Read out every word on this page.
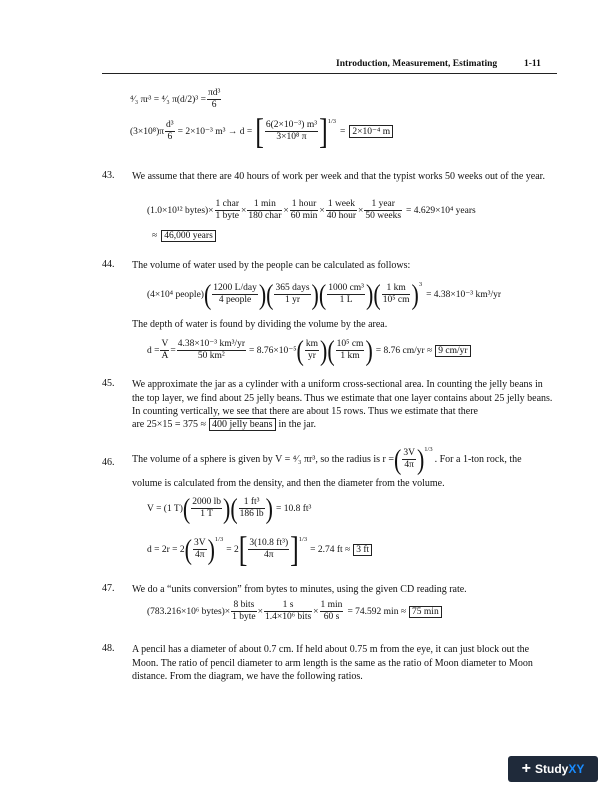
Introduction, Measurement, Estimating	1-11
⁴⁄₃ πr³ = ⁴⁄₃ $\pi(d/2)^3 = \frac{\text{πd³}}{6}$
$(3\times 10^8)\pi \frac{\text{d³}}{6} = 2\times 10^{-3}$ m³ → d = [ $\frac{\text{6(2×10⁻³) m³}}{\text{3×10⁸ π}} ]^{1/3}$
= 2×10⁻⁴ m
43. We assume that there are 40 hours of work per week and that the typist works 50 weeks out of the year.
(1.0×10¹² bytes)× $\frac{\text{1 char}}{\text{1 byte}} \times \frac{1 \min}{\text{180 char}} \times \frac{\text{1 hour}}{60 \min} \times \frac{\text{1 week}}{\text{40 hour}} \times \frac{\text{1 year}}{\text{50 weeks}} = 4.629\times 10^4$ years
≈ 46,000 years
44. The volume of water used by the people can be calculated as follows:
(4×10⁴ people) ( $\frac{\text{1200 L/day}}{\text{4 people}}$ ) ( $\frac{\text{365 days}}{1 yr}$ ) ( $\frac{\text{1000 cm³}}{1 L}$ ) ( $\frac{1 km}{\text{10⁵ cm}} )^3$
= 4.38×10⁻³ km³/yr
The depth of water is found by dividing the volume by the area.
$d = \frac{V}{A} = \frac{\text{4.38×10⁻³ km³/yr}}{\text{50 km²}} = 8.76\times 10^{-5}$ ( $\frac{km}{yr}$ ) ( $\frac{\text{10⁵ cm}}{1 km}$ ) = 8.76 cm/yr ≈ 9 cm/yr
45. We approximate the jar as a cylinder with a uniform cross-sectional area. In counting the jelly beans in the top layer, we find about 25 jelly beans. Thus we estimate that one layer contains about 25 jelly beans. In counting vertically, we see that there are about 15 rows. Thus we estimate that there
are 25×15 = 375 ≈ 400 jelly beans in the jar.
46. The volume of a sphere is given by V = ⁴⁄₃ πr³, so the radius is r = ( $\frac{3V}{4\pi} )^{1/3}$
. For a 1-ton rock, the
volume is calculated from the density, and then the diameter from the volume.
V = (1 T) ( $\frac{2000 lb}{1 T}$ ) ( $\frac{\text{1 ft³}}{186 lb}$ ) = 10.8 ft³
d = 2r = 2 ( $\frac{3V}{4\pi} )^{1/3}$
= 2 [ $\frac{\text{3(10.8 ft³)}}{4\pi} ]^{1/3}$
= 2.74 ft ≈ 3 ft
47. We do a “units conversion” from bytes to minutes, using the given CD reading rate.
(783.216×10⁶ bytes)× $\frac{\text{8 bits}}{\text{1 byte}} \times \frac{1 s}{\text{1.4×10⁶ bits}} \times \frac{1 \min}{60 s} = 74.592$ min ≈ 75 min
48. A pencil has a diameter of about 0.7 cm. If held about 0.75 m from the eye, it can just block out the Moon. The ratio of pencil diameter to arm length is the same as the ratio of Moon diameter to Moon distance. From the diagram, we have the following ratios.
+ StudyXY
